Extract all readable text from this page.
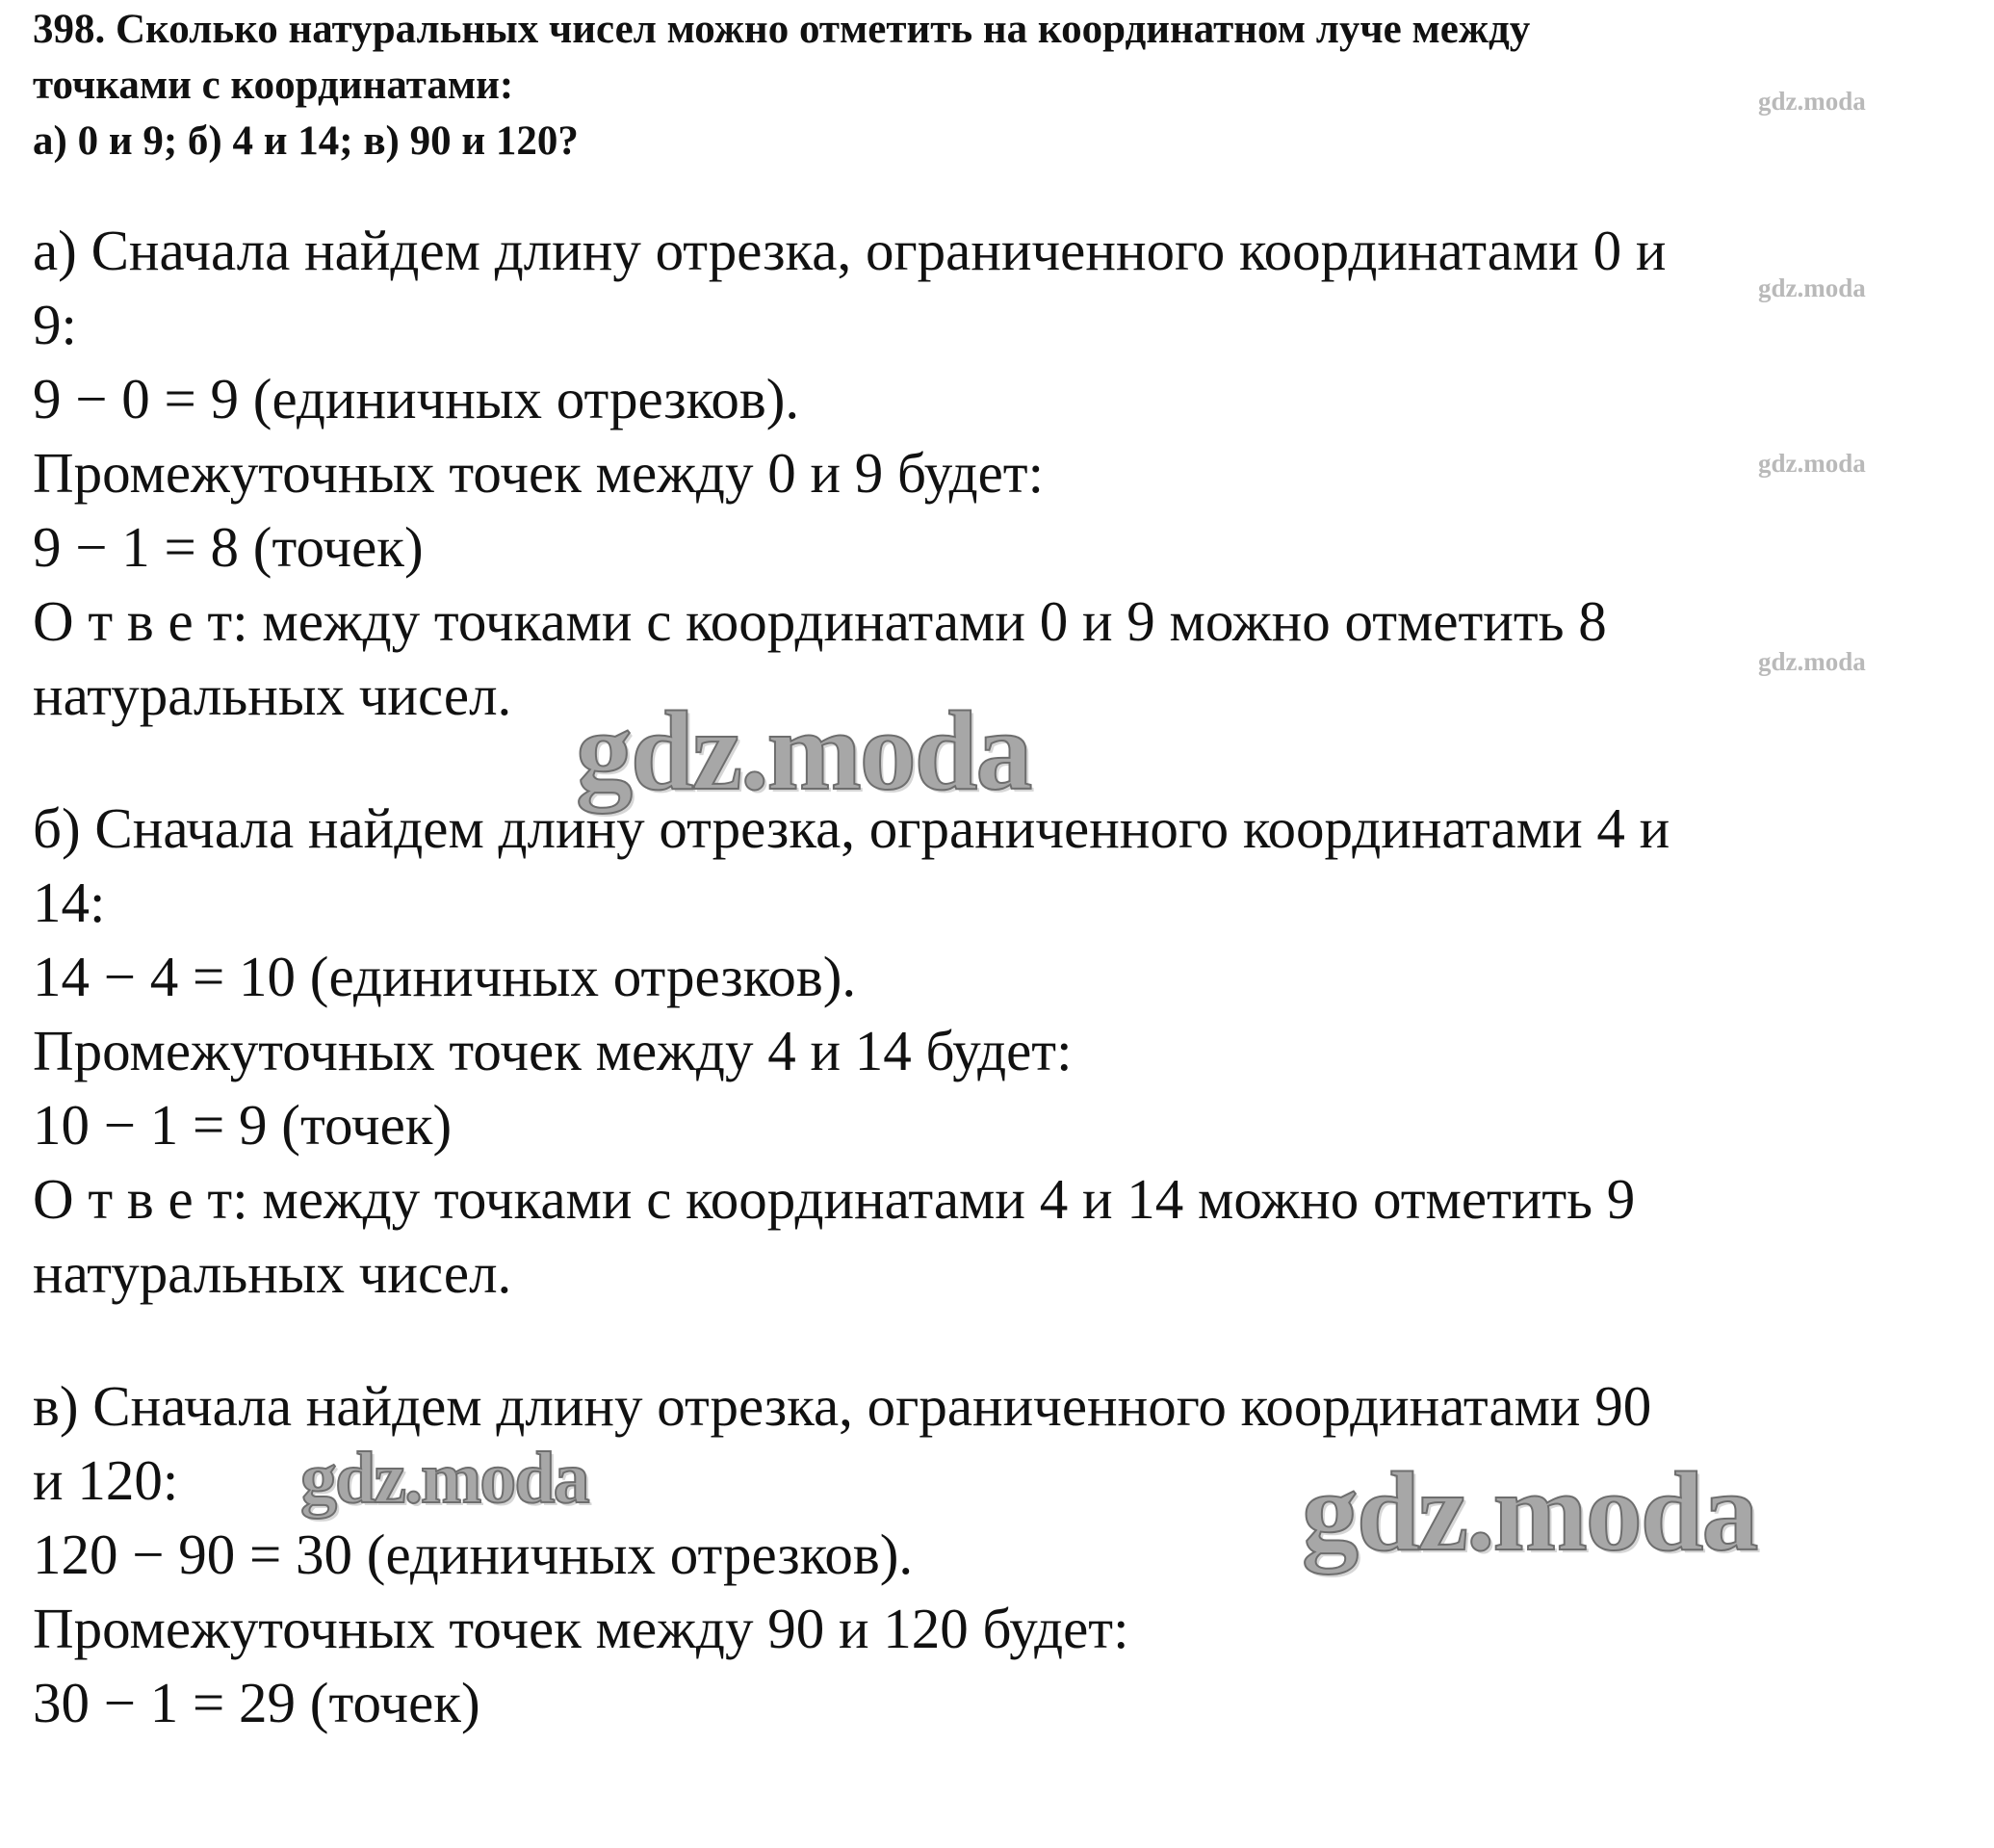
398. Сколько натуральных чисел можно отметить на координатном луче между
точками с координатами:
а) 0 и 9; б) 4 и 14; в) 90 и 120?
а) Сначала найдем длину отрезка, ограниченного координатами 0 и
9:
9 − 0 = 9 (единичных отрезков).
Промежуточных точек между 0 и 9 будет:
9 − 1 = 8 (точек)
О т в е т: между точками с координатами 0 и 9 можно отметить 8
натуральных чисел.
б) Сначала найдем длину отрезка, ограниченного координатами 4 и
14:
14 − 4 = 10 (единичных отрезков).
Промежуточных точек между 4 и 14 будет:
10 − 1 = 9 (точек)
О т в е т: между точками с координатами 4 и 14 можно отметить 9
натуральных чисел.
в) Сначала найдем длину отрезка, ограниченного координатами 90
и 120:
120 − 90 = 30 (единичных отрезков).
Промежуточных точек между 90 и 120 будет:
30 − 1 = 29 (точек)
gdz.moda
gdz.moda
gdz.moda
gdz.moda
gdz.moda
gdz.moda	gdz.moda
